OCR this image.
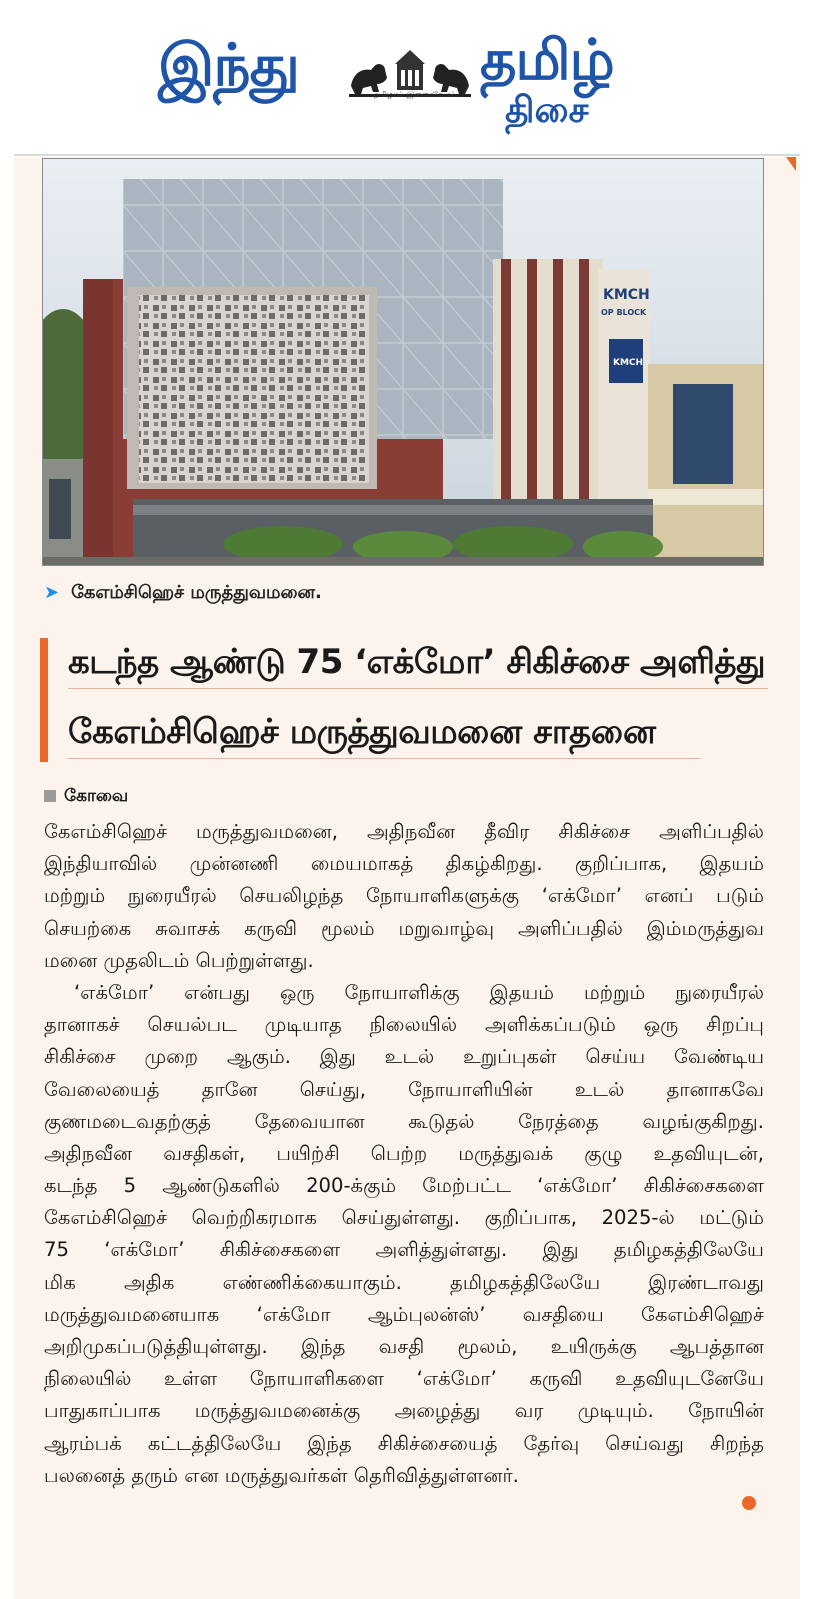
இந்து	தமிழால் இணைவோம்
தமிழ்
திசை
KMCH
OP BLOCK
KMCH
➤ கேஎம்சிஹெச் மருத்துவமனை.
கடந்த ஆண்டு 75 ‘எக்மோ’ சிகிச்சை அளித்து
கேஎம்சிஹெச் மருத்துவமனை சாதனை
கோவை
கேஎம்சிஹெச் மருத்துவமனை, அதிநவீன தீவிர சிகிச்சை அளிப்பதில்
இந்தியாவில் முன்னணி மையமாகத் திகழ்கிறது. குறிப்பாக, இதயம்
மற்றும் நுரையீரல் செயலிழந்த நோயாளிகளுக்கு ‘எக்மோ’ எனப் படும்
செயற்கை சுவாசக் கருவி மூலம் மறுவாழ்வு அளிப்பதில் இம்மருத்துவ
மனை முதலிடம் பெற்றுள்ளது.
‘எக்மோ’ என்பது ஒரு நோயாளிக்கு இதயம் மற்றும் நுரையீரல்
தானாகச் செயல்பட முடியாத நிலையில் அளிக்கப்படும் ஒரு சிறப்பு
சிகிச்சை முறை ஆகும். இது உடல் உறுப்புகள் செய்ய வேண்டிய
வேலையைத் தானே செய்து, நோயாளியின் உடல் தானாகவே
குணமடைவதற்குத் தேவையான கூடுதல் நேரத்தை வழங்குகிறது.
அதிநவீன வசதிகள், பயிற்சி பெற்ற மருத்துவக் குழு உதவியுடன்,
கடந்த 5 ஆண்டுகளில் 200-க்கும் மேற்பட்ட ‘எக்மோ’ சிகிச்சைகளை
கேஎம்சிஹெச் வெற்றிகரமாக செய்துள்ளது. குறிப்பாக, 2025-ல் மட்டும்
75 ‘எக்மோ’ சிகிச்சைகளை அளித்துள்ளது. இது தமிழகத்திலேயே
மிக அதிக எண்ணிக்கையாகும். தமிழகத்திலேயே இரண்டாவது
மருத்துவமனையாக ‘எக்மோ ஆம்புலன்ஸ்’ வசதியை கேஎம்சிஹெச்
அறிமுகப்படுத்தியுள்ளது. இந்த வசதி மூலம், உயிருக்கு ஆபத்தான
நிலையில் உள்ள நோயாளிகளை ‘எக்மோ’ கருவி உதவியுடனேயே
பாதுகாப்பாக மருத்துவமனைக்கு அழைத்து வர முடியும். நோயின்
ஆரம்பக் கட்டத்திலேயே இந்த சிகிச்சையைத் தேர்வு செய்வது சிறந்த
பலனைத் தரும் என மருத்துவர்கள் தெரிவித்துள்ளனர்.
